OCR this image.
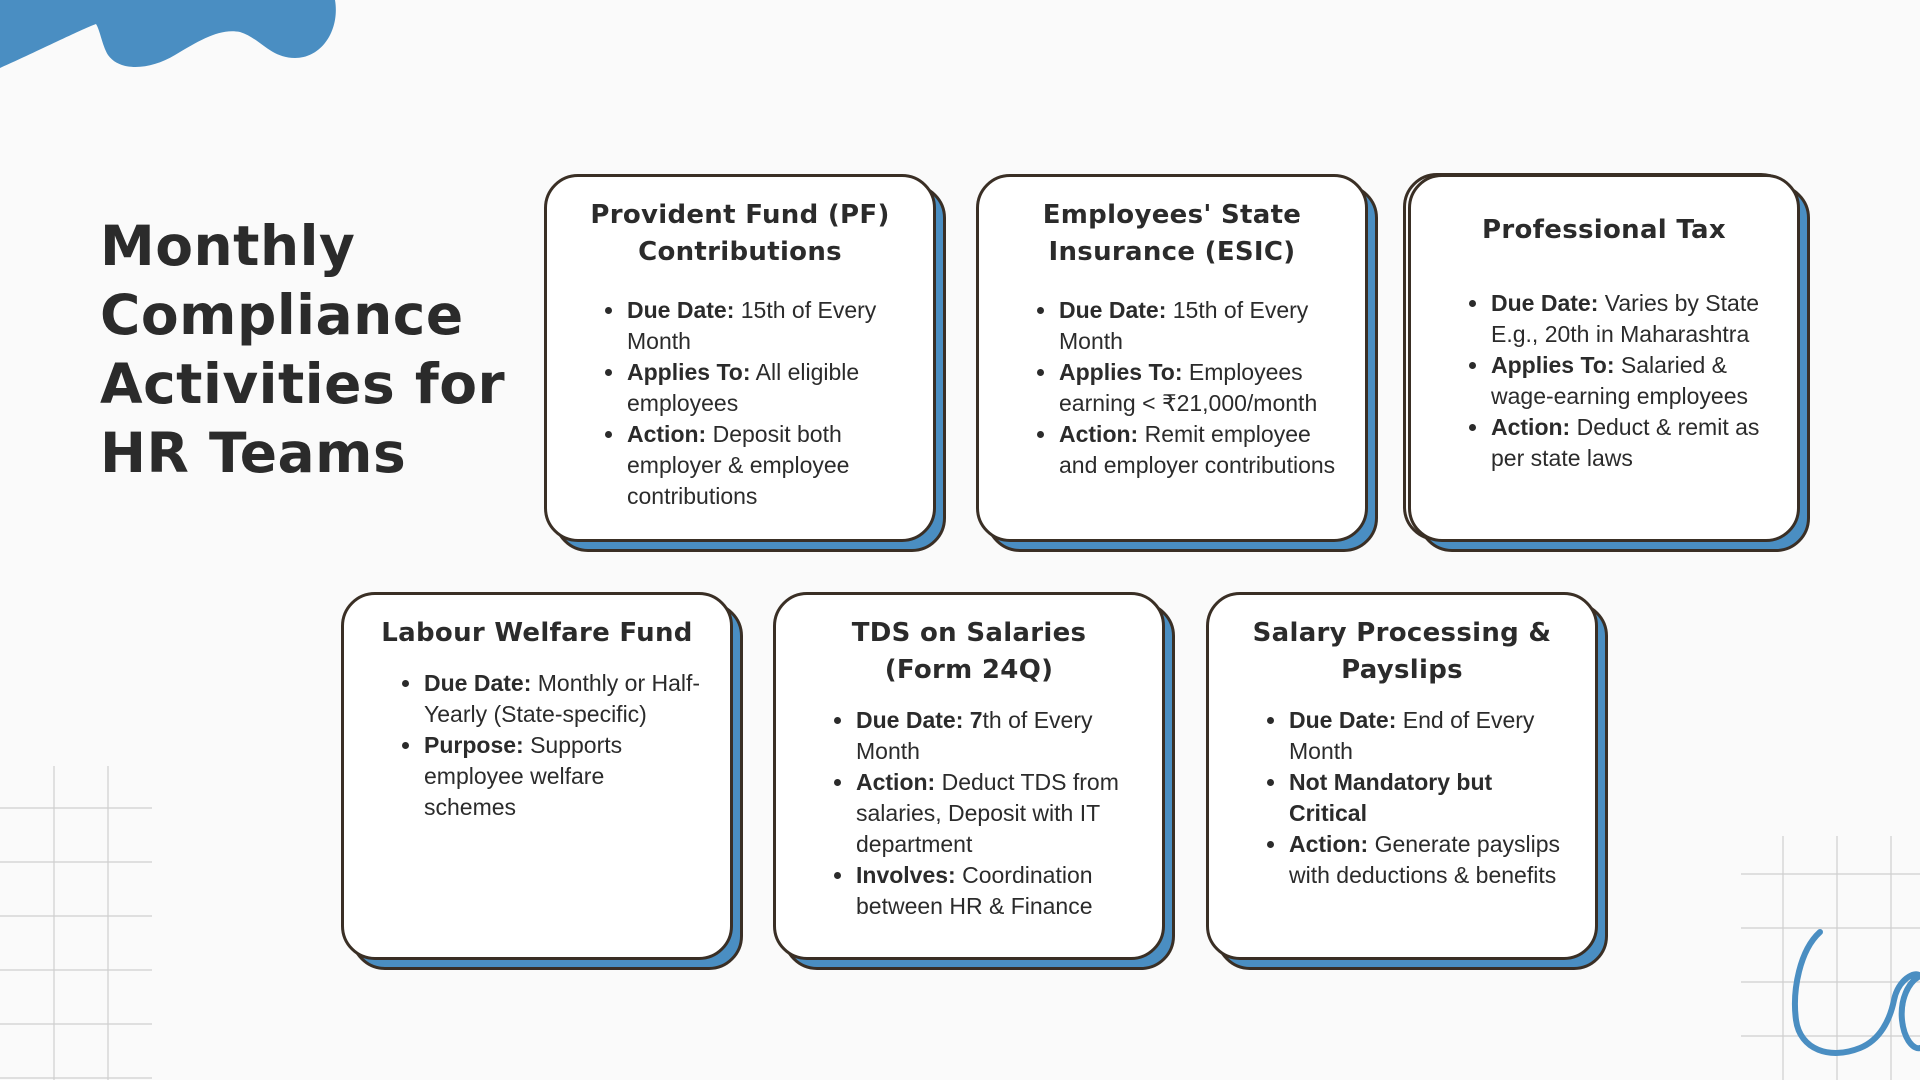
Monthly Compliance Activities for HR Teams
Provident Fund (PF) Contributions
Due Date: 15th of Every Month
Applies To: All eligible employees
Action: Deposit both employer & employee contributions
Employees' State Insurance (ESIC)
Due Date: 15th of Every Month
Applies To: Employees earning < ₹21,000/month
Action: Remit employee and employer contributions
Professional Tax
Due Date: Varies by State E.g., 20th in Maharashtra
Applies To: Salaried & wage-earning employees
Action: Deduct & remit as per state laws
Labour Welfare Fund
Due Date: Monthly or Half-Yearly (State-specific)
Purpose: Supports employee welfare schemes
TDS on Salaries (Form 24Q)
Due Date: 7th of Every Month
Action: Deduct TDS from salaries, Deposit with IT department
Involves: Coordination between HR & Finance
Salary Processing & Payslips
Due Date: End of Every Month
Not Mandatory but Critical
Action: Generate payslips with deductions & benefits
